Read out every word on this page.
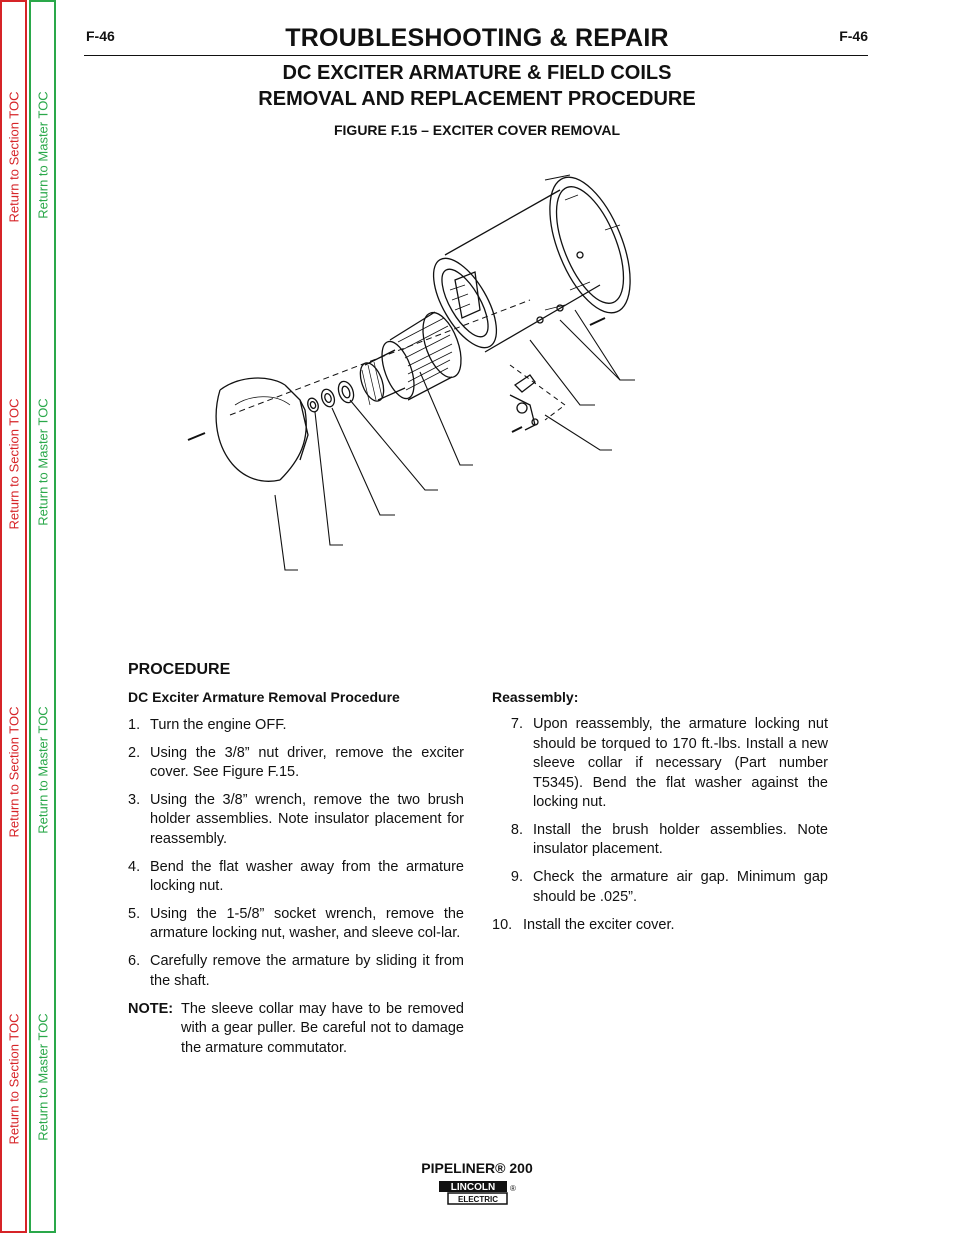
Return to Section TOC
Return to Section TOC
Return to Section TOC
Return to Section TOC
Return to Master TOC
Return to Master TOC
Return to Master TOC
Return to Master TOC
F-46	F-46
TROUBLESHOOTING & REPAIR
DC EXCITER ARMATURE & FIELD COILS
REMOVAL AND REPLACEMENT PROCEDURE
FIGURE F.15 – EXCITER COVER REMOVAL
PROCEDURE
DC Exciter Armature Removal Procedure
1. Turn the engine OFF.
2. Using the 3/8” nut driver, remove the exciter cover. See Figure F.15.
3. Using the 3/8” wrench, remove the two brush holder assemblies. Note insulator placement for reassembly.
4. Bend the flat washer away from the armature locking nut.
5. Using the 1-5/8” socket wrench, remove the armature locking nut, washer, and sleeve col-lar.
6. Carefully remove the armature by sliding it from the shaft.
NOTE: The sleeve collar may have to be removed with a gear puller. Be careful not to damage the armature commutator.
Reassembly:
7. Upon reassembly, the armature locking nut should be torqued to 170 ft.-lbs. Install a new sleeve collar if necessary (Part number T5345). Bend the flat washer against the locking nut.
8. Install the brush holder assemblies. Note insulator placement.
9. Check the armature air gap. Minimum gap should be .025”.
10. Install the exciter cover.
PIPELINER® 200
LINCOLN
ELECTRIC
®
